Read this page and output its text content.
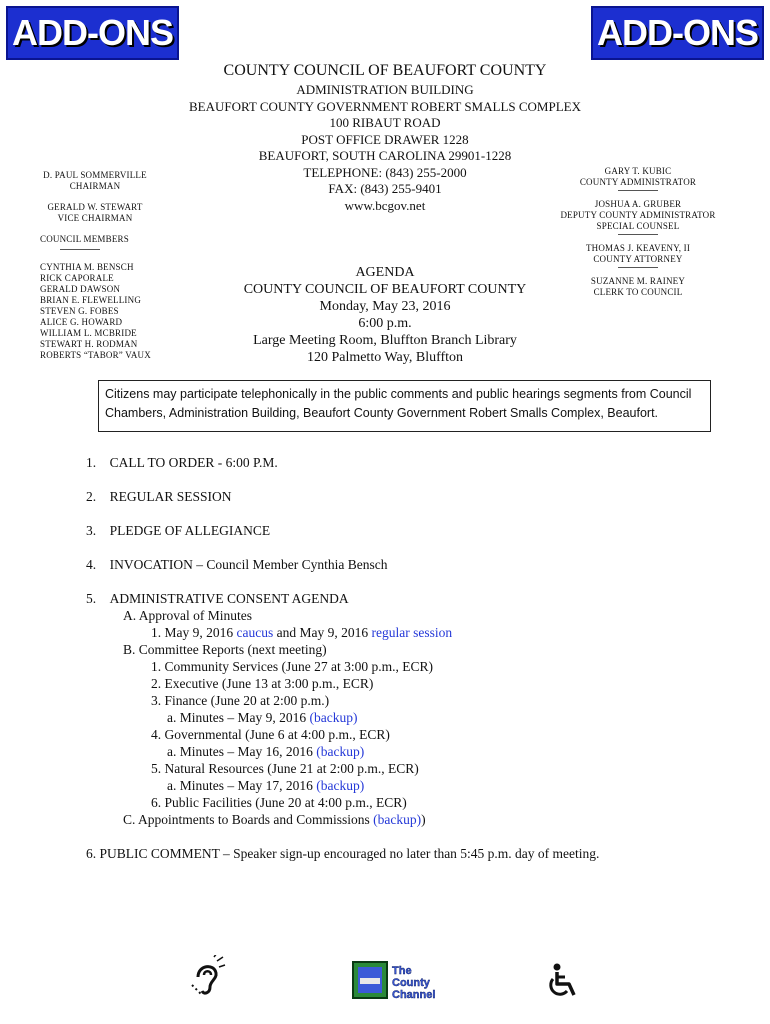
ADD-ONS	ADD-ONS
COUNTY COUNCIL OF BEAUFORT COUNTY
ADMINISTRATION BUILDING
BEAUFORT COUNTY GOVERNMENT ROBERT SMALLS COMPLEX
100 RIBAUT ROAD
POST OFFICE DRAWER 1228
BEAUFORT, SOUTH CAROLINA 29901-1228
TELEPHONE: (843) 255-2000
FAX: (843) 255-9401
www.bcgov.net
D. PAUL SOMMERVILLE
CHAIRMAN
GERALD W. STEWART
VICE CHAIRMAN
COUNCIL MEMBERS
CYNTHIA M. BENSCH
RICK CAPORALE
GERALD DAWSON
BRIAN E. FLEWELLING
STEVEN G. FOBES
ALICE G. HOWARD
WILLIAM L. MCBRIDE
STEWART H. RODMAN
ROBERTS “TABOR” VAUX
GARY T. KUBIC
COUNTY ADMINISTRATOR
JOSHUA A. GRUBER
DEPUTY COUNTY ADMINISTRATOR
SPECIAL COUNSEL
THOMAS J. KEAVENY, II
COUNTY ATTORNEY
SUZANNE M. RAINEY
CLERK TO COUNCIL
AGENDA
COUNTY COUNCIL OF BEAUFORT COUNTY
Monday, May 23, 2016
6:00 p.m.
Large Meeting Room, Bluffton Branch Library
120 Palmetto Way, Bluffton
Citizens may participate telephonically in the public comments and public hearings segments from Council Chambers, Administration Building, Beaufort County Government Robert Smalls Complex, Beaufort.

1. CALL TO ORDER - 6:00 P.M.

2. REGULAR SESSION

3. PLEDGE OF ALLEGIANCE

4. INVOCATION – Council Member Cynthia Bensch

5. ADMINISTRATIVE CONSENT AGENDA

A. Approval of Minutes
1. May 9, 2016 caucus and May 9, 2016 regular session
B. Committee Reports (next meeting)
1. Community Services (June 27 at 3:00 p.m., ECR)
2. Executive (June 13 at 3:00 p.m., ECR)
3. Finance (June 20 at 2:00 p.m.)
a. Minutes – May 9, 2016 (backup)
4. Governmental (June 6 at 4:00 p.m., ECR)
a. Minutes – May 16, 2016 (backup)
5. Natural Resources (June 21 at 2:00 p.m., ECR)
a. Minutes – May 17, 2016 (backup)
6. Public Facilities (June 20 at 4:00 p.m., ECR)
C. Appointments to Boards and Commissions (backup))

6. PUBLIC COMMENT – Speaker sign-up encouraged no later than 5:45 p.m. day of meeting.

The
County
Channel
